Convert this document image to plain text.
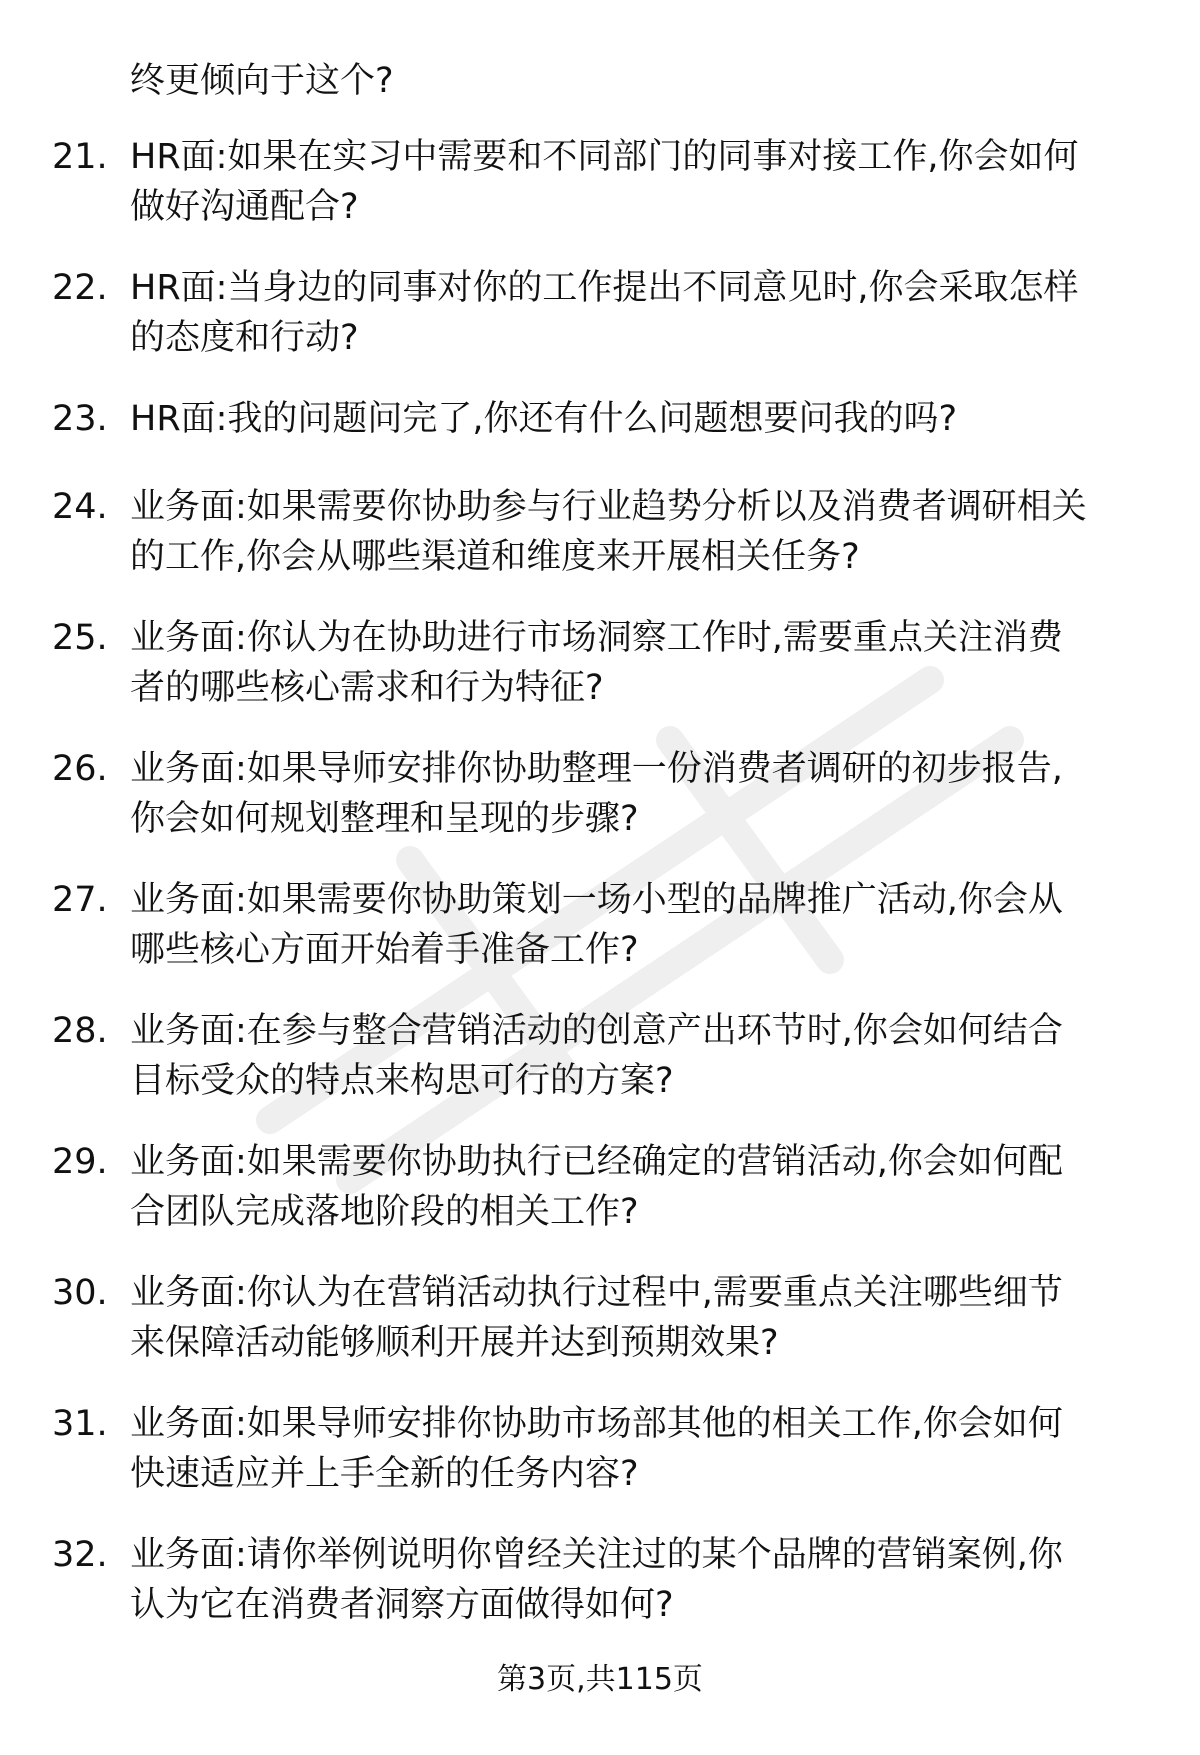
终更倾向于这个?
21. HR面:如果在实习中需要和不同部门的同事对接工作,你会如何
做好沟通配合?
22. HR面:当身边的同事对你的工作提出不同意见时,你会采取怎样
的态度和行动?
23. HR面:我的问题问完了,你还有什么问题想要问我的吗?
24. 业务面:如果需要你协助参与行业趋势分析以及消费者调研相关
的工作,你会从哪些渠道和维度来开展相关任务?
25. 业务面:你认为在协助进行市场洞察工作时,需要重点关注消费
者的哪些核心需求和行为特征?
26. 业务面:如果导师安排你协助整理一份消费者调研的初步报告,
你会如何规划整理和呈现的步骤?
27. 业务面:如果需要你协助策划一场小型的品牌推广活动,你会从
哪些核心方面开始着手准备工作?
28. 业务面:在参与整合营销活动的创意产出环节时,你会如何结合
目标受众的特点来构思可行的方案?
29. 业务面:如果需要你协助执行已经确定的营销活动,你会如何配
合团队完成落地阶段的相关工作?
30. 业务面:你认为在营销活动执行过程中,需要重点关注哪些细节
来保障活动能够顺利开展并达到预期效果?
31. 业务面:如果导师安排你协助市场部其他的相关工作,你会如何
快速适应并上手全新的任务内容?
32. 业务面:请你举例说明你曾经关注过的某个品牌的营销案例,你
认为它在消费者洞察方面做得如何?
第3页,共115页
